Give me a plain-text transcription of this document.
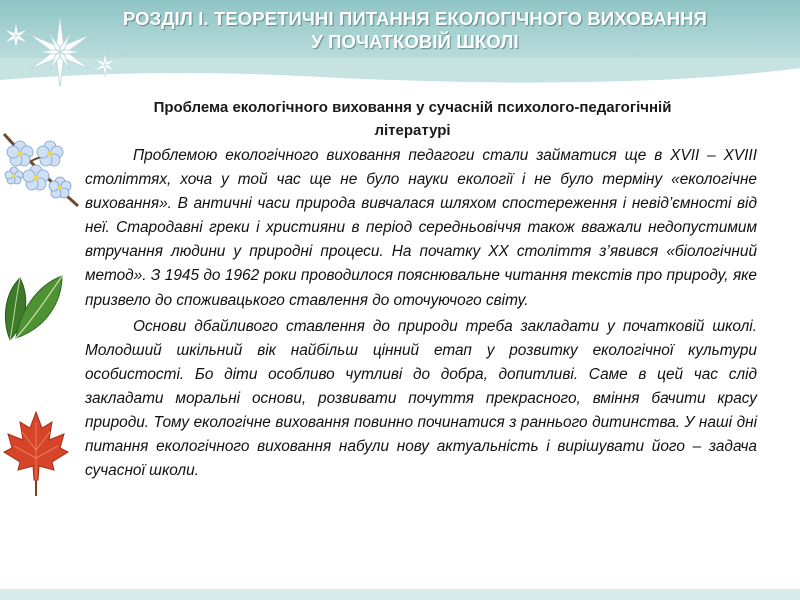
РОЗДІЛ І. ТЕОРЕТИЧНІ ПИТАННЯ ЕКОЛОГІЧНОГО ВИХОВАННЯ
У ПОЧАТКОВІЙ ШКОЛІ
Проблема екологічного виховання у сучасній психолого-педагогічній
літературі

Проблемою екологічного виховання педагоги стали займатися ще в XVII – XVIII століттях, хоча у той час ще не було науки екології і не було терміну «екологічне виховання». В античні часи природа вивчалася шляхом спостереження і невід’ємності від неї. Стародавні греки і християни в період середньовіччя також вважали недопустимим втручання людини у природні процеси. На початку ХХ століття з’явився «біологічний метод». З 1945 до 1962 роки проводилося пояснювальне читання текстів про природу, яке призвело до споживацького ставлення до оточуючого світу.

Основи дбайливого ставлення до природи треба закладати у початковій школі. Молодший шкільний вік найбільш цінний етап у розвитку екологічної культури особистості. Бо діти особливо чутливі до добра, допитливі. Саме в цей час слід закладати моральні основи, розвивати почуття прекрасного, вміння бачити красу природи. Тому екологічне виховання повинно починатися з раннього дитинства. У наші дні питання екологічного виховання набули нову актуальність і вирішувати його – задача сучасної школи.
